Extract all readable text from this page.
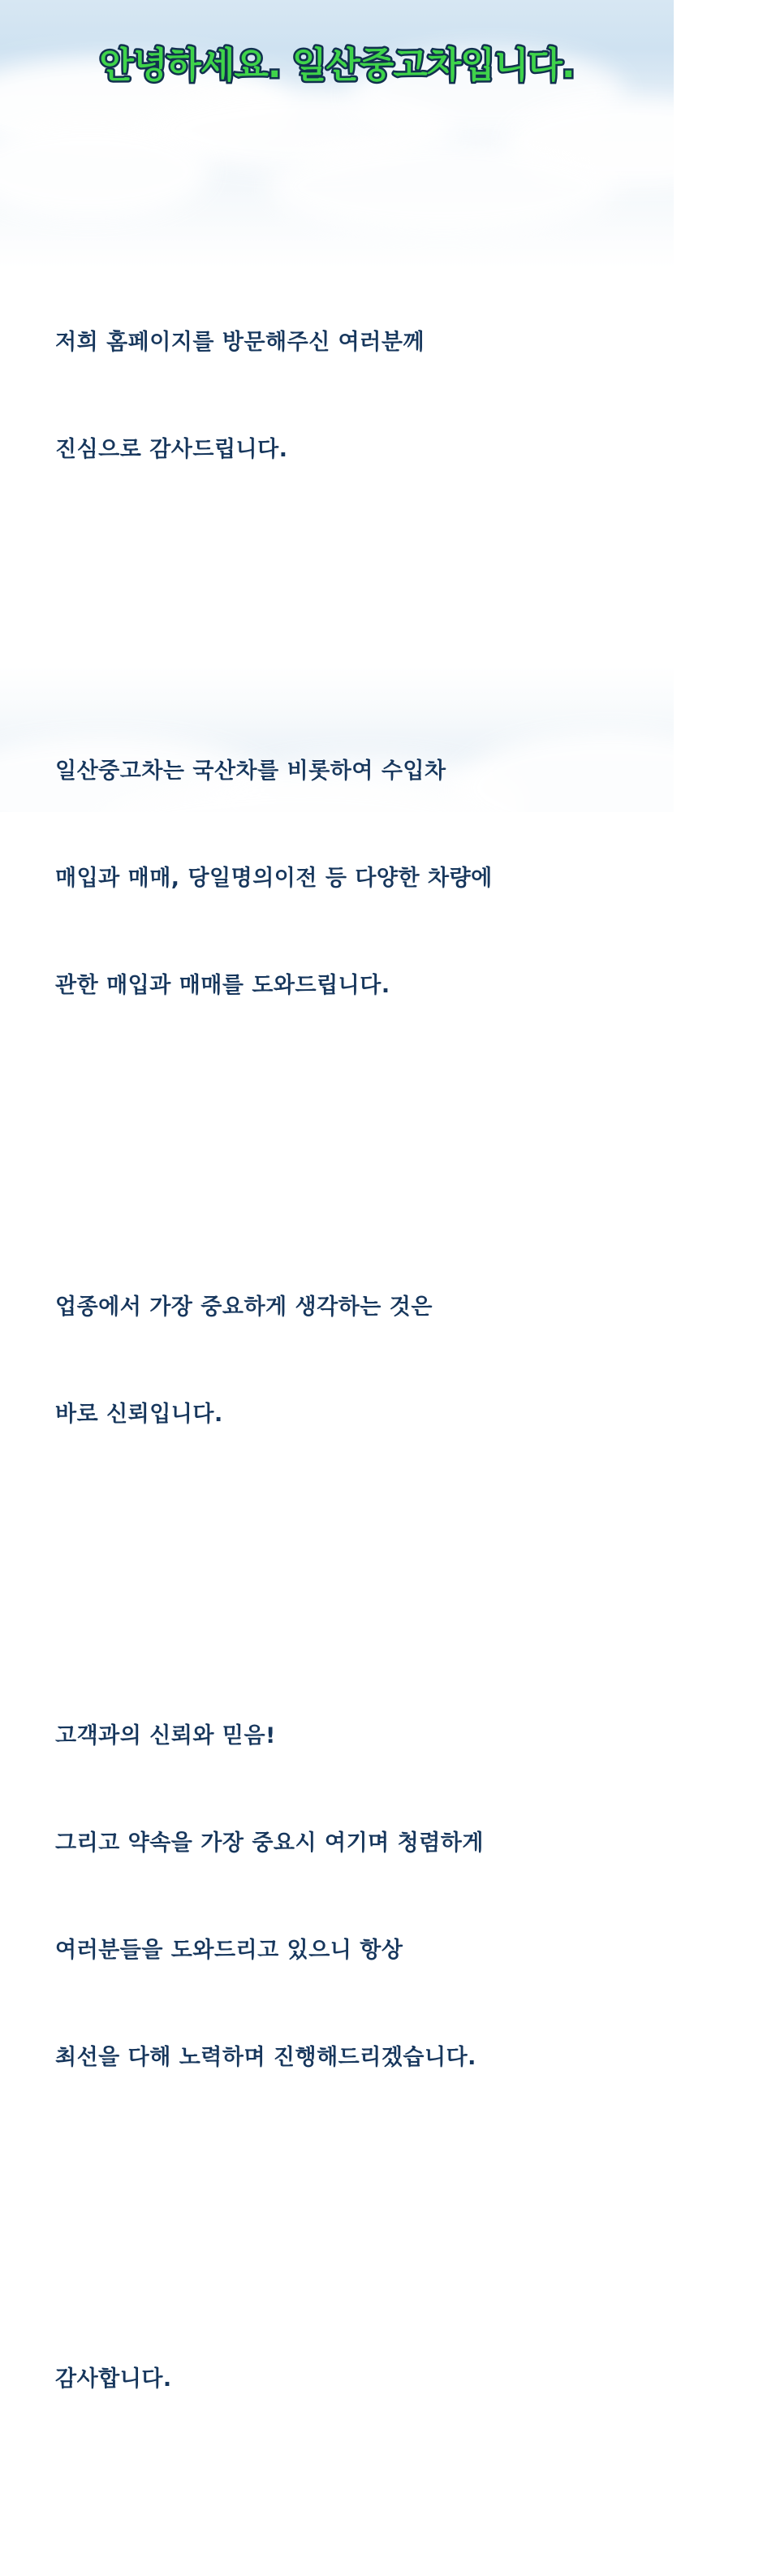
안녕하세요. 일산중고차입니다.

저희 홈페이지를 방문해주신 여러분께

진심으로 감사드립니다.

일산중고차는 국산차를 비롯하여 수입차

매입과 매매, 당일명의이전 등 다양한 차량에

관한 매입과 매매를 도와드립니다.

업종에서 가장 중요하게 생각하는 것은

바로 신뢰입니다.

고객과의 신뢰와 믿음!

그리고 약속을 가장 중요시 여기며 청렴하게

여러분들을 도와드리고 있으니 항상

최선을 다해 노력하며 진행해드리겠습니다.

감사합니다.
